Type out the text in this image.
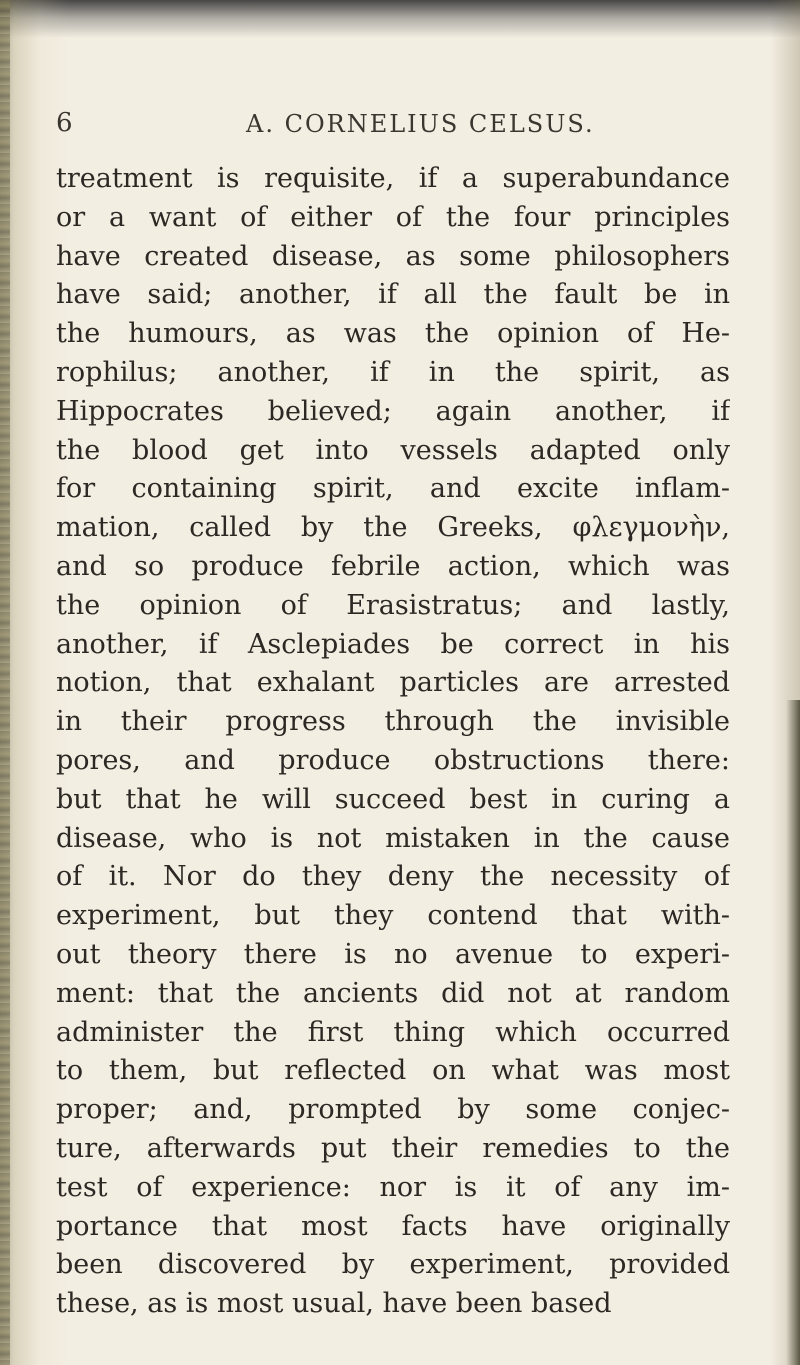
6	A. CORNELIUS CELSUS.
treatment is requisite, if a superabundance
or a want of either of the four principles
have created disease, as some philosophers
have said; another, if all the fault be in
the humours, as was the opinion of He-
rophilus; another, if in the spirit, as
Hippocrates believed; again another, if
the blood get into vessels adapted only
for containing spirit, and excite inflam-
mation, called by the Greeks, φλεγμονὴν,
and so produce febrile action, which was
the opinion of Erasistratus; and lastly,
another, if Asclepiades be correct in his
notion, that exhalant particles are arrested
in their progress through the invisible
pores, and produce obstructions there:
but that he will succeed best in curing a
disease, who is not mistaken in the cause
of it. Nor do they deny the necessity of
experiment, but they contend that with-
out theory there is no avenue to experi-
ment: that the ancients did not at random
administer the first thing which occurred
to them, but reflected on what was most
proper; and, prompted by some conjec-
ture, afterwards put their remedies to the
test of experience: nor is it of any im-
portance that most facts have originally
been discovered by experiment, provided
these, as is most usual, have been based
